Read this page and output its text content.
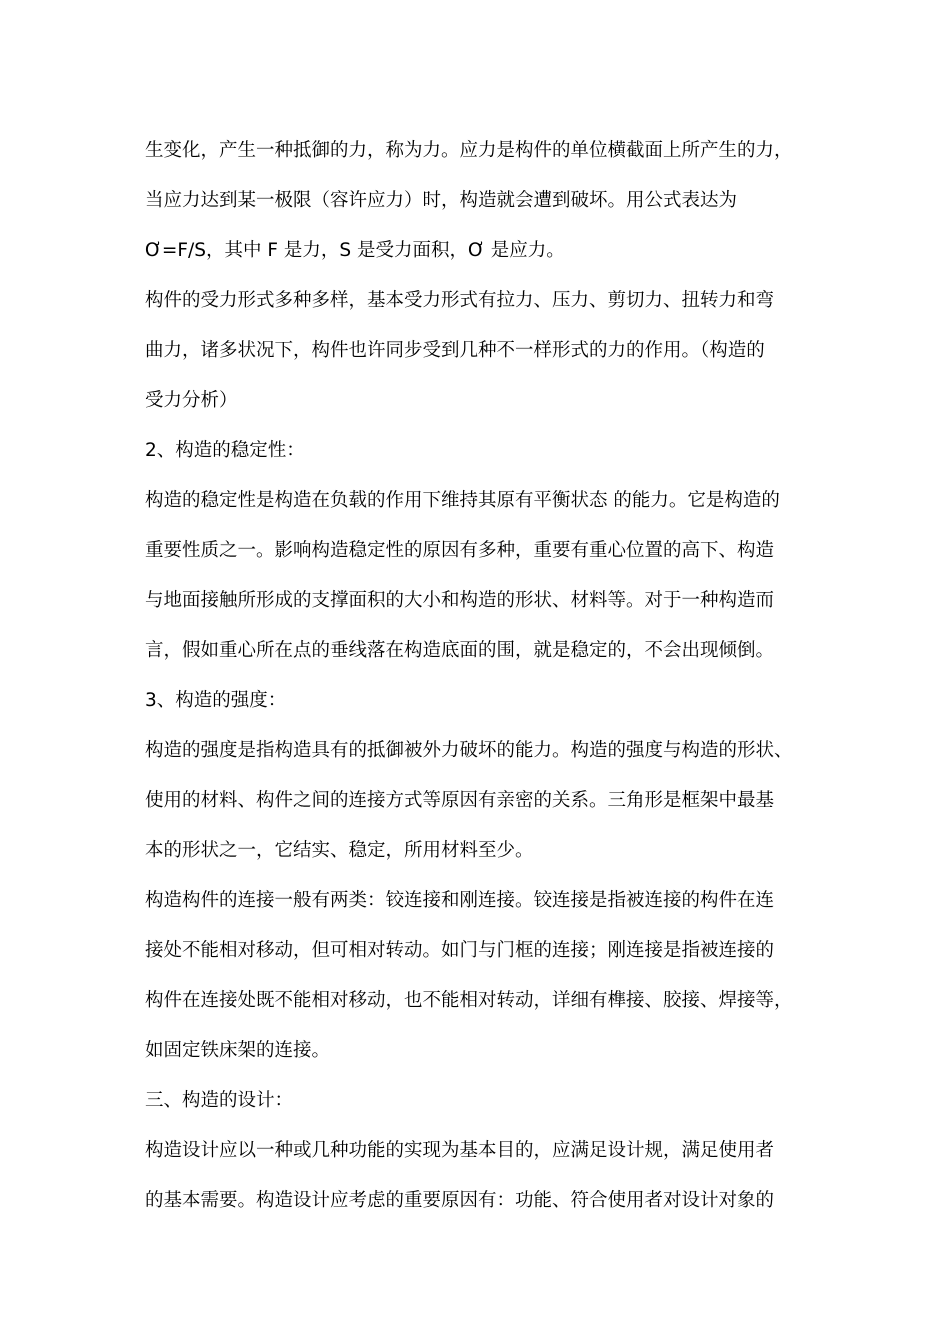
生变化，产生一种抵御的力，称为力。应力是构件的单位横截面上所产生的力，
当应力达到某一极限（容许应力）时，构造就会遭到破坏。用公式表达为
Ơ=F/S，其中 F 是力，S 是受力面积，Ơ 是应力。
构件的受力形式多种多样，基本受力形式有拉力、压力、剪切力、扭转力和弯
曲力，诸多状况下，构件也许同步受到几种不一样形式的力的作用。（构造的
受力分析）
2、构造的稳定性：
构造的稳定性是构造在负载的作用下维持其原有平衡状态 的能力。它是构造的
重要性质之一。影响构造稳定性的原因有多种，重要有重心位置的高下、构造
与地面接触所形成的支撑面积的大小和构造的形状、材料等。对于一种构造而
言，假如重心所在点的垂线落在构造底面的围，就是稳定的，不会出现倾倒。
3、构造的强度：
构造的强度是指构造具有的抵御被外力破坏的能力。构造的强度与构造的形状、
使用的材料、构件之间的连接方式等原因有亲密的关系。三角形是框架中最基
本的形状之一，它结实、稳定，所用材料至少。
构造构件的连接一般有两类：铰连接和刚连接。铰连接是指被连接的构件在连
接处不能相对移动，但可相对转动。如门与门框的连接；刚连接是指被连接的
构件在连接处既不能相对移动，也不能相对转动，详细有榫接、胶接、焊接等，
如固定铁床架的连接。
三、构造的设计：
构造设计应以一种或几种功能的实现为基本目的，应满足设计规，满足使用者
的基本需要。构造设计应考虑的重要原因有：功能、符合使用者对设计对象的
